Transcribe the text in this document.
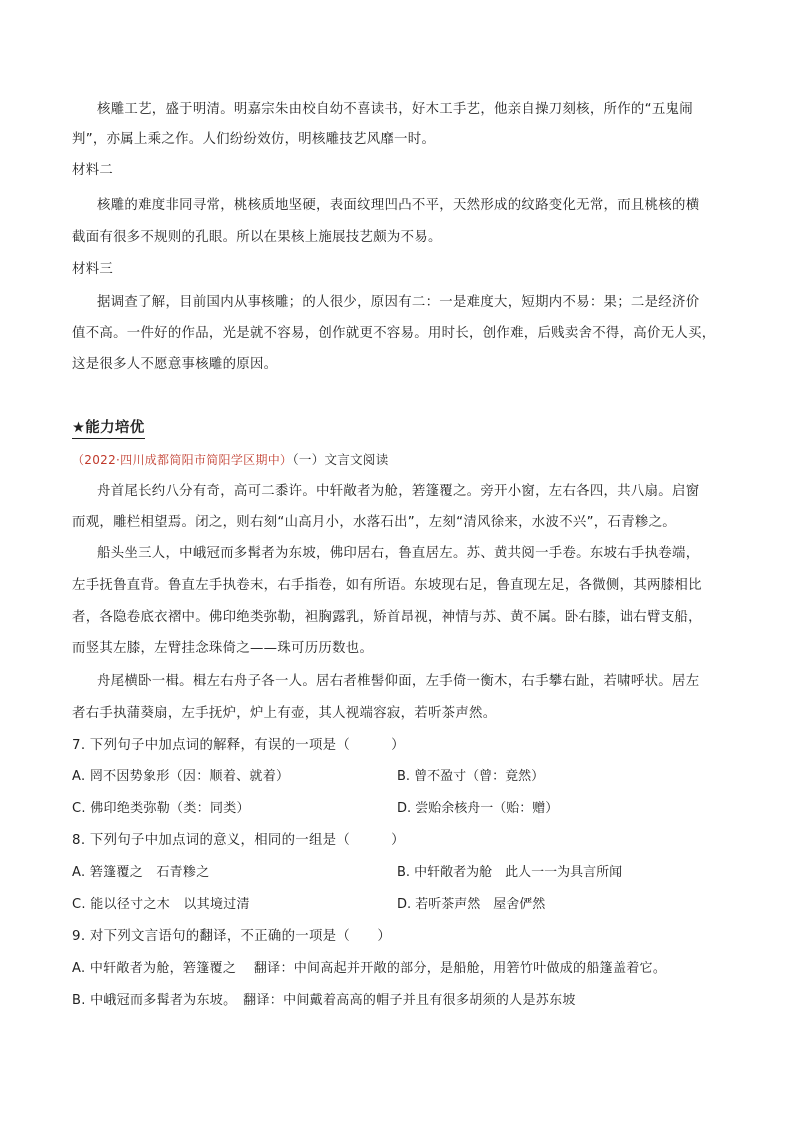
核雕工艺，盛于明清。明嘉宗朱由校自幼不喜读书，好木工手艺，他亲自操刀刻核，所作的“五鬼闹
判”，亦属上乘之作。人们纷纷效仿，明核雕技艺风靡一时。
材料二
核雕的难度非同寻常，桃核质地坚硬，表面纹理凹凸不平，天然形成的纹路变化无常，而且桃核的横
截面有很多不规则的孔眼。所以在果核上施展技艺颇为不易。
材料三
据调查了解，目前国内从事核雕；的人很少，原因有二：一是难度大，短期内不易：果；二是经济价
值不高。一件好的作品，光是就不容易，创作就更不容易。用时长，创作难，后贱卖舍不得，高价无人买，
这是很多人不愿意事核雕的原因。
★能力培优
（2022·四川成都简阳市简阳学区期中）（一）文言文阅读
舟首尾长约八分有奇，高可二黍许。中轩敞者为舱，箬篷覆之。旁开小窗，左右各四，共八扇。启窗
而观，雕栏相望焉。闭之，则右刻“山高月小，水落石出”，左刻“清风徐来，水波不兴”，石青糁之。
船头坐三人，中峨冠而多髯者为东坡，佛印居右，鲁直居左。苏、黄共阅一手卷。东坡右手执卷端，
左手抚鲁直背。鲁直左手执卷末，右手指卷，如有所语。东坡现右足，鲁直现左足，各微侧，其两膝相比
者，各隐卷底衣褶中。佛印绝类弥勒，袒胸露乳，矫首昂视，神情与苏、黄不属。卧右膝，诎右臂支船，
而竖其左膝，左臂挂念珠倚之——珠可历历数也。
舟尾横卧一楫。楫左右舟子各一人。居右者椎髻仰面，左手倚一衡木，右手攀右趾，若啸呼状。居左
者右手执蒲葵扇，左手抚炉，炉上有壶，其人视端容寂，若听茶声然。
7. 下列句子中加点词的解释，有误的一项是（　　　）
A. 罔不因势象形（因：顺着、就着）	B. 曾不盈寸（曾：竟然）
C. 佛印绝类弥勒（类：同类）	D. 尝贻余核舟一（贻：赠）
8. 下列句子中加点词的意义，相同的一组是（　　　）
A. 箬篷覆之　石青糁之	B. 中轩敞者为舱　此人一一为具言所闻
C. 能以径寸之木　以其境过清	D. 若听茶声然　屋舍俨然
9. 对下列文言语句的翻译，不正确的一项是（　　）
A. 中轩敞者为舱，箬篷覆之　 翻译：中间高起并开敞的部分，是船舱，用箬竹叶做成的船篷盖着它。
B. 中峨冠而多髯者为东坡。　翻译：中间戴着高高的帽子并且有很多胡须的人是苏东坡
